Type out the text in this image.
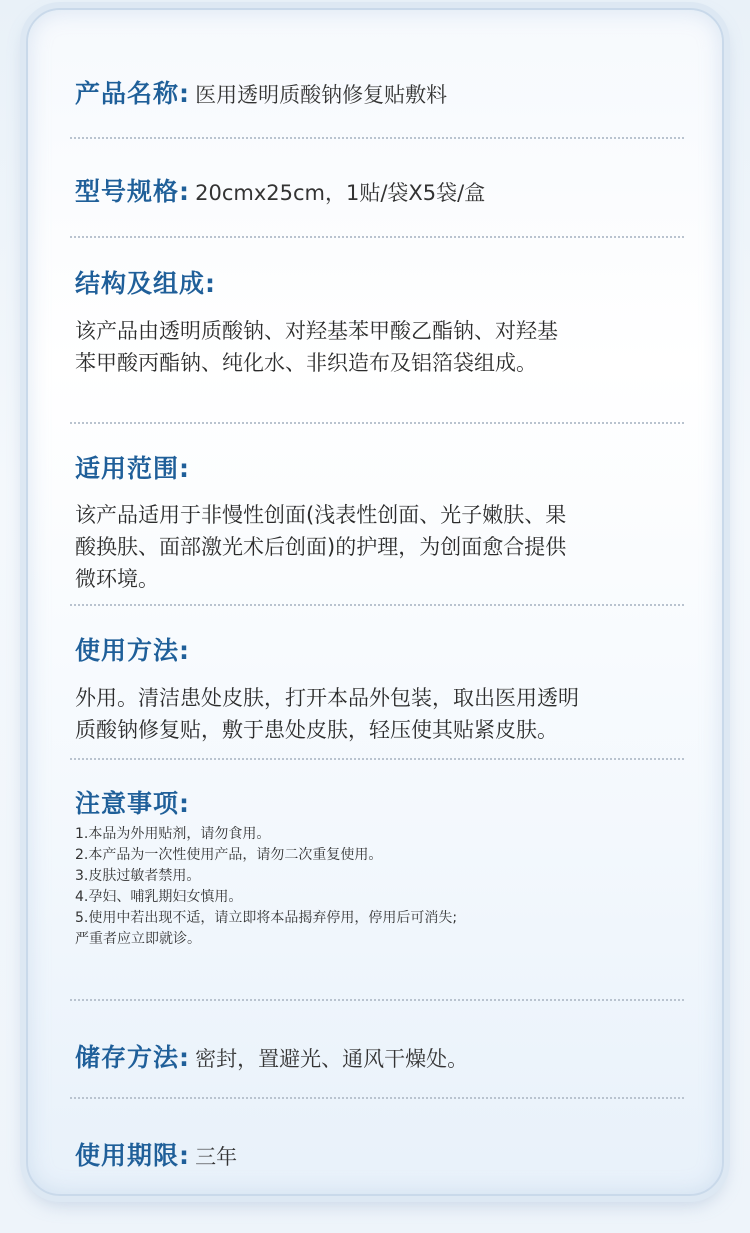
产品名称: 医用透明质酸钠修复贴敷料
型号规格: 20cmx25cm，1贴/袋X5袋/盒
结构及组成:
该产品由透明质酸钠、对羟基苯甲酸乙酯钠、对羟基
苯甲酸丙酯钠、纯化水、非织造布及铝箔袋组成。
适用范围:
该产品适用于非慢性创面(浅表性创面、光子嫩肤、果
酸换肤、面部激光术后创面)的护理，为创面愈合提供
微环境。
使用方法:
外用。清洁患处皮肤，打开本品外包装，取出医用透明
质酸钠修复贴，敷于患处皮肤，轻压使其贴紧皮肤。
注意事项:
1.本品为外用贴剂，请勿食用。
2.本产品为一次性使用产品，请勿二次重复使用。
3.皮肤过敏者禁用。
4.孕妇、哺乳期妇女慎用。
5.使用中若出现不适，请立即将本品揭弃停用，停用后可消失;
严重者应立即就诊。
储存方法: 密封，置避光、通风干燥处。
使用期限: 三年
